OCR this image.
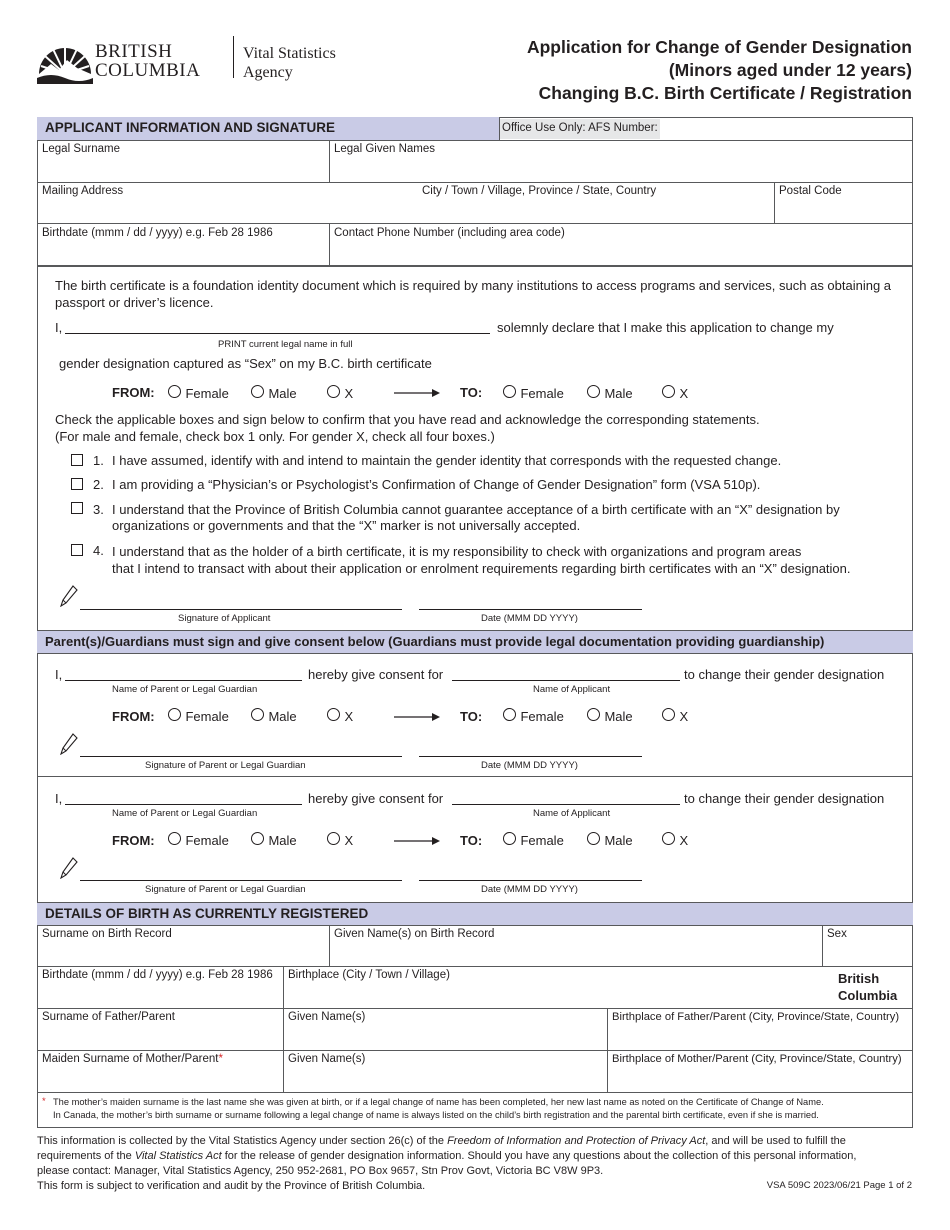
BRITISH
COLUMBIA
Vital Statistics
Agency
Application for Change of Gender Designation
(Minors aged under 12 years)
Changing B.C. Birth Certificate / Registration
APPLICANT INFORMATION AND SIGNATURE	Office Use Only: AFS Number:
Legal Surname	Legal Given Names
Mailing Address	City / Town / Village, Province / State, Country	Postal Code
Birthdate (mmm / dd / yyyy) e.g. Feb 28 1986	Contact Phone Number (including area code)
The birth certificate is a foundation identity document which is required by many institutions to access programs and services, such as obtaining a passport or driver’s licence.
I,	solemnly declare that I make this application to change my
PRINT current legal name in full
gender designation captured as “Sex” on my B.C. birth certificate
FROM:	Female	Male	X	TO:	Female	Male	X
Check the applicable boxes and sign below to confirm that you have read and acknowledge the corresponding statements.
(For male and female, check box 1 only. For gender X, check all four boxes.)
1. I have assumed, identify with and intend to maintain the gender identity that corresponds with the requested change.
2. I am providing a “Physician’s or Psychologist’s Confirmation of Change of Gender Designation” form (VSA 510p).
3. I understand that the Province of British Columbia cannot guarantee acceptance of a birth certificate with an “X” designation by
organizations or governments and that the “X” marker is not universally accepted.
4. I understand that as the holder of a birth certificate, it is my responsibility to check with organizations and program areas
that I intend to transact with about their application or enrolment requirements regarding birth certificates with an “X” designation.
Signature of Applicant	Date (MMM DD YYYY)
Parent(s)/Guardians must sign and give consent below (Guardians must provide legal documentation providing guardianship)
I,	hereby give consent for	to change their gender designation
Name of Parent or Legal Guardian	Name of Applicant
FROM:	Female	Male	X	TO:	Female	Male	X
Signature of Parent or Legal Guardian	Date (MMM DD YYYY)
I,	hereby give consent for	to change their gender designation
Name of Parent or Legal Guardian	Name of Applicant
FROM:	Female	Male	X	TO:	Female	Male	X
Signature of Parent or Legal Guardian	Date (MMM DD YYYY)
DETAILS OF BIRTH AS CURRENTLY REGISTERED
Surname on Birth Record	Given Name(s) on Birth Record	Sex
Birthdate (mmm / dd / yyyy) e.g. Feb 28 1986	Birthplace (City / Town / Village)	British
Columbia
Surname of Father/Parent	Given Name(s)	Birthplace of Father/Parent (City, Province/State, Country)
Maiden Surname of Mother/Parent*	Given Name(s)	Birthplace of Mother/Parent (City, Province/State, Country)
* The mother’s maiden surname is the last name she was given at birth, or if a legal change of name has been completed, her new last name as noted on the Certificate of Change of Name.
In Canada, the mother’s birth surname or surname following a legal change of name is always listed on the child’s birth registration and the parental birth certificate, even if she is married.
This information is collected by the Vital Statistics Agency under section 26(c) of the Freedom of Information and Protection of Privacy Act, and will be used to fulfill the
requirements of the Vital Statistics Act for the release of gender designation information. Should you have any questions about the collection of this personal information,
please contact: Manager, Vital Statistics Agency, 250 952-2681, PO Box 9657, Stn Prov Govt, Victoria BC V8W 9P3.
This form is subject to verification and audit by the Province of British Columbia.	VSA 509C 2023/06/21 Page 1 of 2
